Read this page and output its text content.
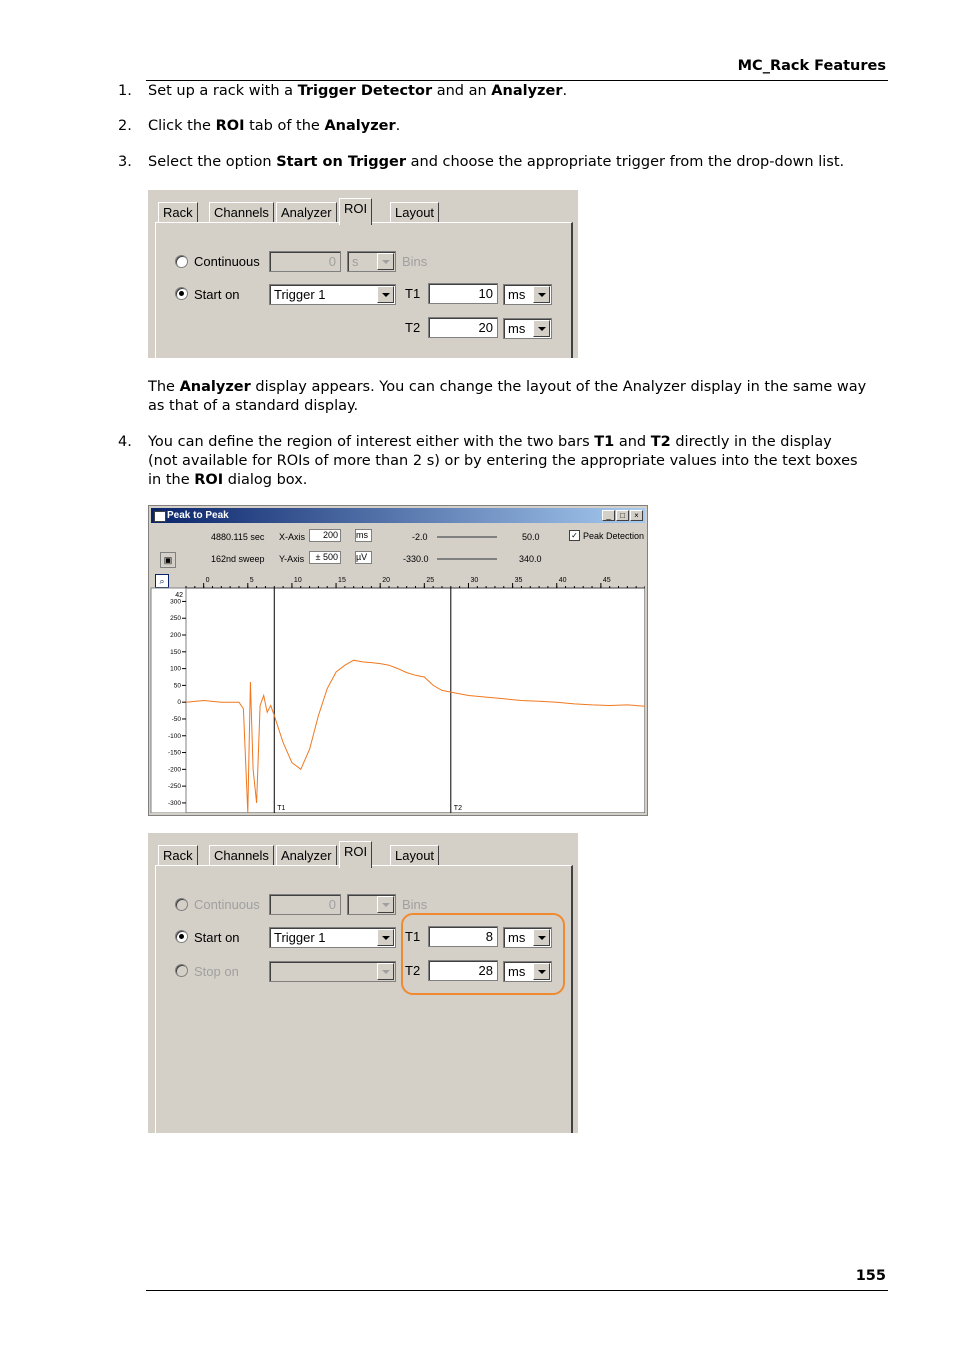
MC_Rack Features
1. Set up a rack with a Trigger Detector and an Analyzer.
2. Click the ROI tab of the Analyzer.
3. Select the option Start on Trigger and choose the appropriate trigger from the drop-down list.
Rack	Channels Analyzer ROI	Layout
Continuous	0	s	Bins
Start on	Trigger 1	T1	10	ms
T2	20	ms
The Analyzer display appears. You can change the layout of the Analyzer display in the same way
as that of a standard display.
4. You can define the region of interest either with the two bars T1 and T2 directly in the display
(not available for ROIs of more than 2 s) or by entering the appropriate values into the text boxes
in the ROI dialog box.
Peak to Peak	_	□	×
4880.115 sec X-Axis	200	ms	-2.0	50.0	✓ Peak Detection
▣	162nd sweep Y-Axis	± 500	µV	-330.0	340.0
⌕
42
0	5	10	15	20	25	30	35	40	45
300
250
200
150
100
50
0
-50
-100
-150
-200
-250
-300
T1	T2
Rack	Channels Analyzer ROI	Layout
Continuous	0	Bins
Start on	Trigger 1
Stop on
T1	8	ms
T2	28	ms
155
